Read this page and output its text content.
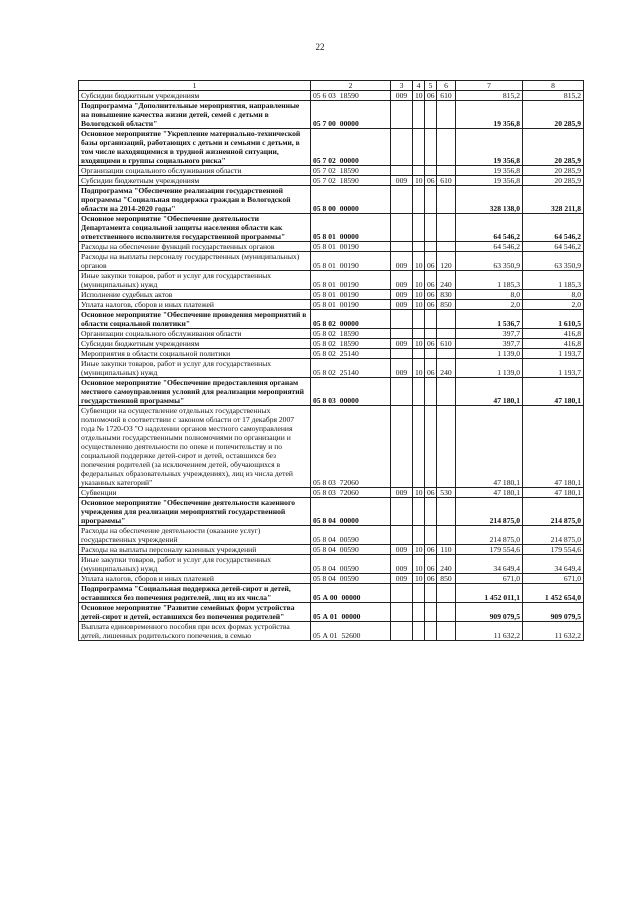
22
1	2	3	4	5	6	7	8
Субсидии бюджетным учреждениям	05 6 03 18590	009	10	06	610	815,2	815,2
Подпрограмма "Дополнительные мероприятия, направленные на повышение качества жизни детей, семей с детьми в Вологодской области"	05 7 00 00000					19 356,8	20 285,9
Основное мероприятие "Укрепление материально-технической базы организаций, работающих с детьми и семьями с детьми, в том числе находящимися в трудной жизненной ситуации, входящими в группы социального риска"	05 7 02 00000					19 356,8	20 285,9
Организации социального обслуживания области	05 7 02 18590					19 356,8	20 285,9
Субсидии бюджетным учреждениям	05 7 02 18590	009	10	06	610	19 356,8	20 285,9
Подпрограмма "Обеспечение реализации государственной программы "Социальная поддержка граждан в Вологодской области на 2014-2020 годы"	05 8 00 00000					328 138,0	328 211,8
Основное мероприятие "Обеспечение деятельности Департамента социальной защиты населения области как ответственного исполнителя государственной программы"	05 8 01 00000					64 546,2	64 546,2
Расходы на обеспечение функций государственных органов	05 8 01 00190					64 546,2	64 546,2
Расходы на выплаты персоналу государственных (муниципальных) органов	05 8 01 00190	009	10	06	120	63 350,9	63 350,9
Иные закупки товаров, работ и услуг для государственных (муниципальных) нужд	05 8 01 00190	009	10	06	240	1 185,3	1 185,3
Исполнение судебных актов	05 8 01 00190	009	10	06	830	8,0	8,0
Уплата налогов, сборов и иных платежей	05 8 01 00190	009	10	06	850	2,0	2,0
Основное мероприятие "Обеспечение проведения мероприятий в области социальной политики"	05 8 02 00000					1 536,7	1 610,5
Организации социального обслуживания области	05 8 02 18590					397,7	416,8
Субсидии бюджетным учреждениям	05 8 02 18590	009	10	06	610	397,7	416,8
Мероприятия в области социальной политики	05 8 02 25140					1 139,0	1 193,7
Иные закупки товаров, работ и услуг для государственных (муниципальных) нужд	05 8 02 25140	009	10	06	240	1 139,0	1 193,7
Основное мероприятие "Обеспечение предоставления органам местного самоуправления условий для реализации мероприятий государственной программы"	05 8 03 00000					47 180,1	47 180,1
Субвенции на осуществление отдельных государственных полномочий в соответствии с законом области от 17 декабря 2007 года № 1720-ОЗ "О наделении органов местного самоуправления отдельными государственными полномочиями по организации и осуществлению деятельности по опеке и попечительству и по социальной поддержке детей-сирот и детей, оставшихся без попечения родителей (за исключением детей, обучающихся в федеральных образовательных учреждениях), лиц из числа детей указанных категорий"	05 8 03 72060					47 180,1	47 180,1
Субвенции	05 8 03 72060	009	10	06	530	47 180,1	47 180,1
Основное мероприятие "Обеспечение деятельности казенного учреждения для реализации мероприятий государственной программы"	05 8 04 00000					214 875,0	214 875,0
Расходы на обеспечение деятельности (оказание услуг) государственных учреждений	05 8 04 00590					214 875,0	214 875,0
Расходы на выплаты персоналу казенных учреждений	05 8 04 00590	009	10	06	110	179 554,6	179 554,6
Иные закупки товаров, работ и услуг для государственных (муниципальных) нужд	05 8 04 00590	009	10	06	240	34 649,4	34 649,4
Уплата налогов, сборов и иных платежей	05 8 04 00590	009	10	06	850	671,0	671,0
Подпрограмма "Социальная поддержка детей-сирот и детей, оставшихся без попечения родителей, лиц из их числа"	05 А 00 00000					1 452 011,1	1 452 654,0
Основное мероприятие "Развитие семейных форм устройства детей-сирот и детей, оставшихся без попечения родителей"	05 А 01 00000					909 079,5	909 079,5
Выплата единовременного пособия при всех формах устройства детей, лишенных родительского попечения, в семью	05 А 01 52600					11 632,2	11 632,2
